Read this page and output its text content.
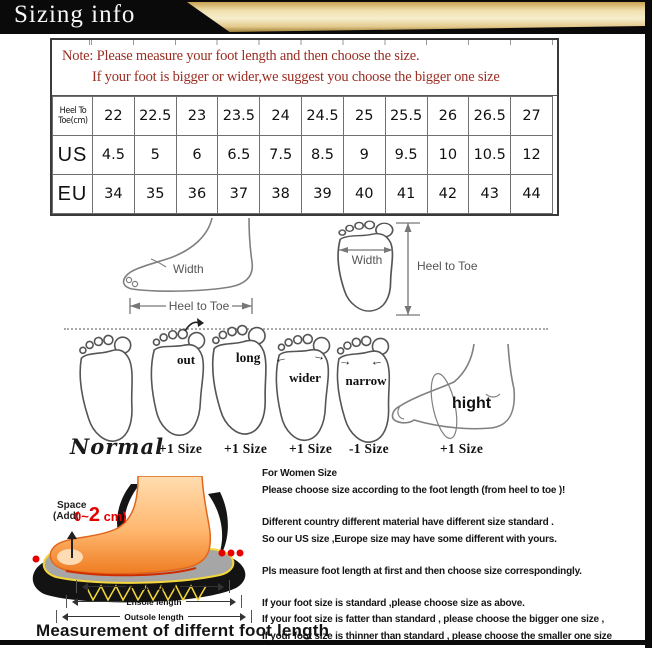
Sizing info
Note: Please measure your foot length and then choose the size.
If your foot is bigger or wider,we suggest you choose the bigger one size
Heel To Toe(cm)	22	22.5	23	23.5	24	24.5	25	25.5	26	26.5	27
US	4.5	5	6	6.5	7.5	8.5	9	9.5	10	10.5	12
EU	34	35	36	37	38	39	40	41	42	43	44
Width
Heel to Toe
Width	Heel to Toe
out	long
wider
← →
narrow
→ ←
hight
Normal
+1 Size +1 Size +1 Size -1 Size	+1 Size
Space
(Add(
0~2 cm)
Foot length
Lnsole length
Outsole length
Measurement of differnt foot length
For Women Size
Please choose size according to the foot length (from heel to toe )!
Different country different material have different size standard .
So our US size ,Europe size may have some different with yours.
Pls measure foot length at first and then choose size correspondingly.
If your foot size is standard ,please choose size as above.
If your foot size is fatter than standard , please choose the bigger one size ,
If your foot size is thinner than standard , please choose the smaller one size
